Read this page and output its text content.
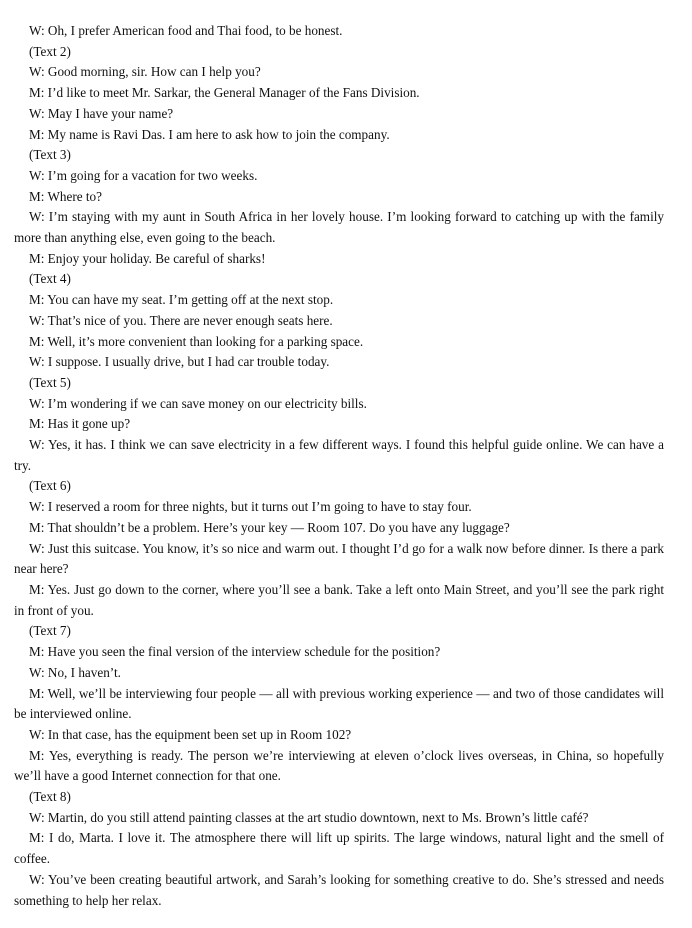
W: Oh, I prefer American food and Thai food, to be honest.

(Text 2)

W: Good morning, sir. How can I help you?

M: I’d like to meet Mr. Sarkar, the General Manager of the Fans Division.

W: May I have your name?

M: My name is Ravi Das. I am here to ask how to join the company.

(Text 3)

W: I’m going for a vacation for two weeks.

M: Where to?

W: I’m staying with my aunt in South Africa in her lovely house. I’m looking forward to catching up with the family more than anything else, even going to the beach.

M: Enjoy your holiday. Be careful of sharks!

(Text 4)

M: You can have my seat. I’m getting off at the next stop.

W: That’s nice of you. There are never enough seats here.

M: Well, it’s more convenient than looking for a parking space.

W: I suppose. I usually drive, but I had car trouble today.

(Text 5)

W: I’m wondering if we can save money on our electricity bills.

M: Has it gone up?

W: Yes, it has. I think we can save electricity in a few different ways. I found this helpful guide online. We can have a try.

(Text 6)

W: I reserved a room for three nights, but it turns out I’m going to have to stay four.

M: That shouldn’t be a problem. Here’s your key — Room 107. Do you have any luggage?

W: Just this suitcase. You know, it’s so nice and warm out. I thought I’d go for a walk now before dinner. Is there a park near here?

M: Yes. Just go down to the corner, where you’ll see a bank. Take a left onto Main Street, and you’ll see the park right in front of you.

(Text 7)

M: Have you seen the final version of the interview schedule for the position?

W: No, I haven’t.

M: Well, we’ll be interviewing four people — all with previous working experience — and two of those candidates will be interviewed online.

W: In that case, has the equipment been set up in Room 102?

M: Yes, everything is ready. The person we’re interviewing at eleven o’clock lives overseas, in China, so hopefully we’ll have a good Internet connection for that one.

(Text 8)

W: Martin, do you still attend painting classes at the art studio downtown, next to Ms. Brown’s little café?

M: I do, Marta. I love it. The atmosphere there will lift up spirits. The large windows, natural light and the smell of coffee.

W: You’ve been creating beautiful artwork, and Sarah’s looking for something creative to do. She’s stressed and needs something to help her relax.
